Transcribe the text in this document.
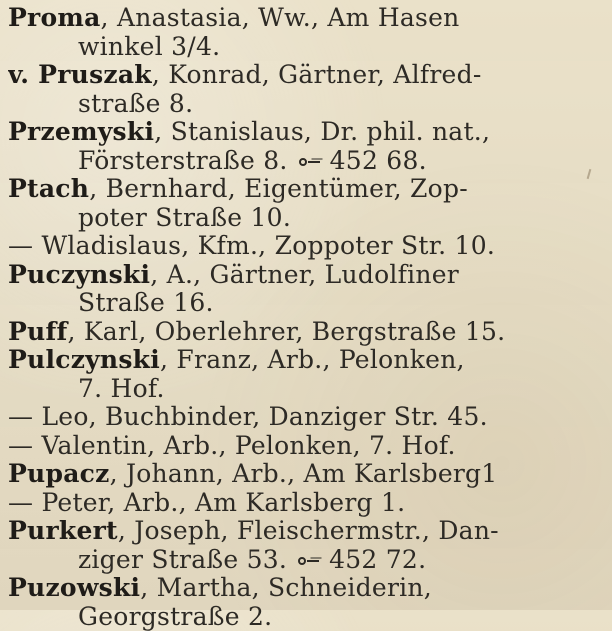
Proma, Anastasia, Ww., Am Hasen
winkel 3/4.
v. Pruszak, Konrad, Gärtner, Alfred-
straße 8.
Przemyski, Stanislaus, Dr. phil. nat.,
Försterstraße 8. 452 68.
Ptach, Bernhard, Eigentümer, Zop-
poter Straße 10.
— Wladislaus, Kfm., Zoppoter Str. 10.
Puczynski, A., Gärtner, Ludolfiner
Straße 16.
Puff, Karl, Oberlehrer, Bergstraße 15.
Pulczynski, Franz, Arb., Pelonken,
7. Hof.
— Leo, Buchbinder, Danziger Str. 45.
— Valentin, Arb., Pelonken, 7. Hof.
Pupacz, Johann, Arb., Am Karlsberg1
— Peter, Arb., Am Karlsberg 1.
Purkert, Joseph, Fleischermstr., Dan-
ziger Straße 53. 452 72.
Puzowski, Martha, Schneiderin,
Georgstraße 2.
